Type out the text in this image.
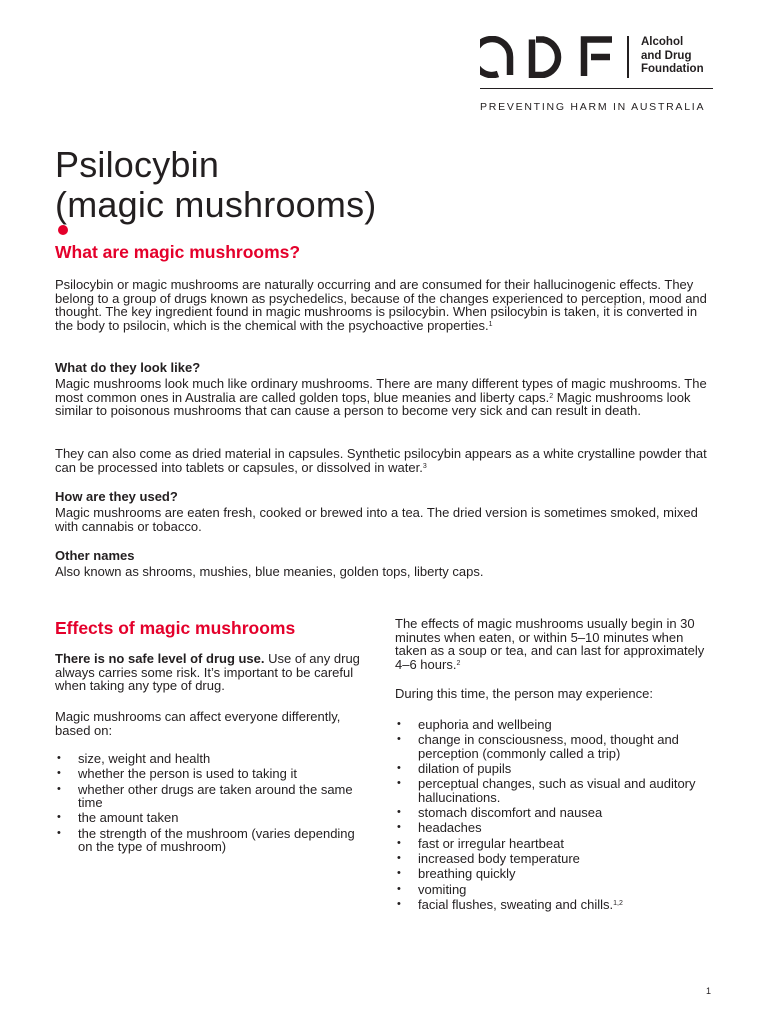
Alcohol
and Drug
Foundation
PREVENTING HARM IN AUSTRALIA
Psilocybin
(magic mushrooms)
What are magic mushrooms?

Psilocybin or magic mushrooms are naturally occurring and are consumed for their hallucinogenic effects. They belong to a group of drugs known as psychedelics, because of the changes experienced to perception, mood and thought. The key ingredient found in magic mushrooms is psilocybin. When psilocybin is taken, it is converted in the body to psilocin, which is the chemical with the psychoactive properties.$^1$

What do they look like?

Magic mushrooms look much like ordinary mushrooms. There are many different types of magic mushrooms. The most common ones in Australia are called golden tops, blue meanies and liberty caps.$^2$ Magic mushrooms look similar to poisonous mushrooms that can cause a person to become very sick and can result in death.

They can also come as dried material in capsules. Synthetic psilocybin appears as a white crystalline powder that can be processed into tablets or capsules, or dissolved in water.$^3$

How are they used?

Magic mushrooms are eaten fresh, cooked or brewed into a tea. The dried version is sometimes smoked, mixed with cannabis or tobacco.

Other names

Also known as shrooms, mushies, blue meanies, golden tops, liberty caps.

Effects of magic mushrooms

There is no safe level of drug use. Use of any drug always carries some risk. It’s important to be careful when taking any type of drug.

Magic mushrooms can affect everyone differently, based on:

• size, weight and health
• whether the person is used to taking it
• whether other drugs are taken around the same time
• the amount taken
• the strength of the mushroom (varies depending on the type of mushroom)

The effects of magic mushrooms usually begin in 30 minutes when eaten, or within 5–10 minutes when taken as a soup or tea, and can last for approximately 4–6 hours.$^2$

During this time, the person may experience:

• euphoria and wellbeing
• change in consciousness, mood, thought and perception (commonly called a trip)
• dilation of pupils
• perceptual changes, such as visual and auditory hallucinations.
• stomach discomfort and nausea
• headaches
• fast or irregular heartbeat
• increased body temperature
• breathing quickly
• vomiting
• facial flushes, sweating and chills.$^{1,2}$
1
